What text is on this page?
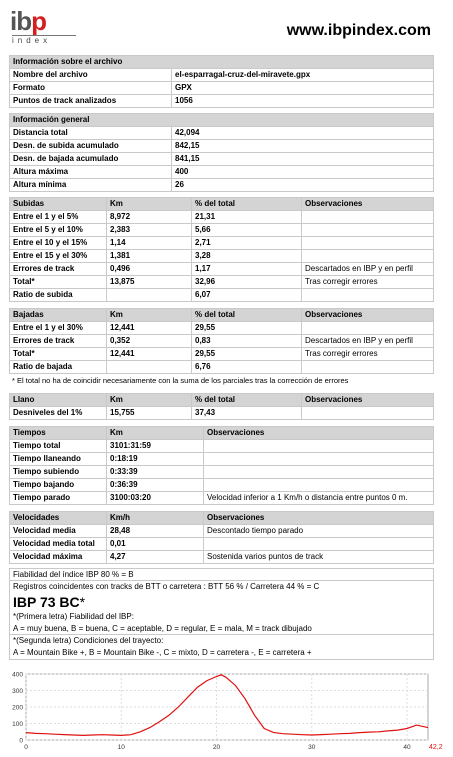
ibp
index
www.ibpindex.com
Información sobre el archivo	
Nombre del archivo	el-esparragal-cruz-del-miravete.gpx
Formato	GPX
Puntos de track analizados	1056
Información general	
Distancia total	42,094
Desn. de subida acumulado	842,15
Desn. de bajada acumulado	841,15
Altura máxima	400
Altura mínima	26
Subidas	Km	% del total	Observaciones
Entre el 1 y el 5%	8,972	21,31	
Entre el 5 y el 10%	2,383	5,66	
Entre el 10 y el 15%	1,14	2,71	
Entre el 15 y el 30%	1,381	3,28	
Errores de track	0,496	1,17	Descartados en IBP y en perfil
Total*	13,875	32,96	Tras corregir errores
Ratio de subida		6,07	
Bajadas	Km	% del total	Observaciones
Entre el 1 y el 30%	12,441	29,55	
Errores de track	0,352	0,83	Descartados en IBP y en perfil
Total*	12,441	29,55	Tras corregir errores
Ratio de bajada		6,76	
* El total no ha de coincidir necesariamente con la suma de los parciales tras la corrección de errores
Llano	Km	% del total	Observaciones
Desniveles del 1%	15,755	37,43	
Tiempos	Km	Observaciones
Tiempo total	3101:31:59	
Tiempo llaneando	0:18:19	
Tiempo subiendo	0:33:39	
Tiempo bajando	0:36:39	
Tiempo parado	3100:03:20	Velocidad inferior a 1 Km/h o distancia entre puntos 0 m.
Velocidades	Km/h	Observaciones
Velocidad media	28,48	Descontado tiempo parado
Velocidad media total	0,01	
Velocidad máxima	4,27	Sostenida varios puntos de track
Fiabilidad del índice IBP 80 % = B
Registros coincidentes con tracks de BTT o carretera : BTT 56 % / Carretera 44 % = C
IBP 73 BC*
*(Primera letra) Fiabilidad del IBP:
A = muy buena, B = buena, C = aceptable, D = regular, E = mala, M = track dibujado
*(Segunda letra) Condiciones del trayecto:
A = Mountain Bike +, B = Mountain Bike -, C = mixto, D = carretera -, E = carretera +
0
100
200
300
400
0	10	20	30	40	42,2
